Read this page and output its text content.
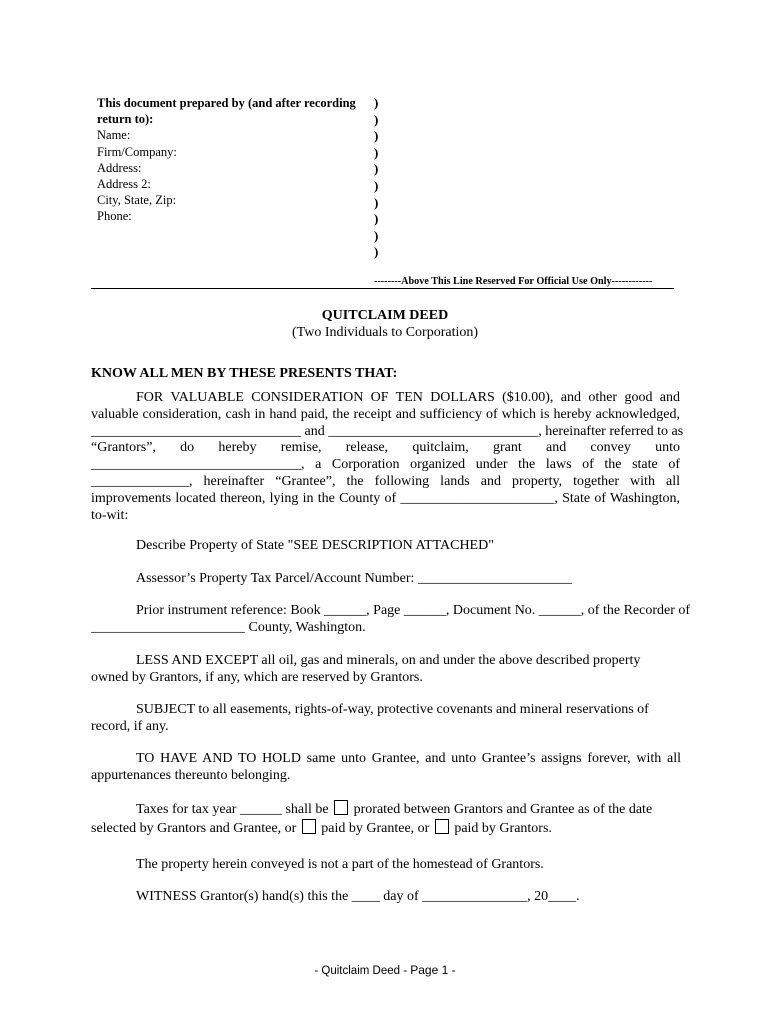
This document prepared by (and after recording
return to):
Name:
Firm/Company:
Address:
Address 2:
City, State, Zip:
Phone:
)
)
)
)
)
)
)
)
)
)
--------Above This Line Reserved For Official Use Only------------
QUITCLAIM DEED
(Two Individuals to Corporation)
KNOW ALL MEN BY THESE PRESENTS THAT:
FOR VALUABLE CONSIDERATION OF TEN DOLLARS ($10.00), and other good and
valuable consideration, cash in hand paid, the receipt and sufficiency of which is hereby acknowledged,
______________________________ and ______________________________, hereinafter referred to as
“Grantors”, do hereby remise, release, quitclaim, grant and convey unto
______________________________, a Corporation organized under the laws of the state of
______________, hereinafter “Grantee”, the following lands and property, together with all
improvements located thereon, lying in the County of ______________________, State of Washington,
to-wit:
Describe Property of State "SEE DESCRIPTION ATTACHED"
Assessor’s Property Tax Parcel/Account Number: ______________________
Prior instrument reference: Book ______, Page ______, Document No. ______, of the Recorder of
______________________ County, Washington.
LESS AND EXCEPT all oil, gas and minerals, on and under the above described property owned by Grantors, if any, which are reserved by Grantors.
SUBJECT to all easements, rights-of-way, protective covenants and mineral reservations of record, if any.
TO HAVE AND TO HOLD same unto Grantee, and unto Grantee’s assigns forever, with all appurtenances thereunto belonging.
Taxes for tax year ______ shall be prorated between Grantors and Grantee as of the date
selected by Grantors and Grantee, or paid by Grantee, or paid by Grantors.
The property herein conveyed is not a part of the homestead of Grantors.
WITNESS Grantor(s) hand(s) this the ____ day of _______________, 20____.
- Quitclaim Deed - Page 1 -
